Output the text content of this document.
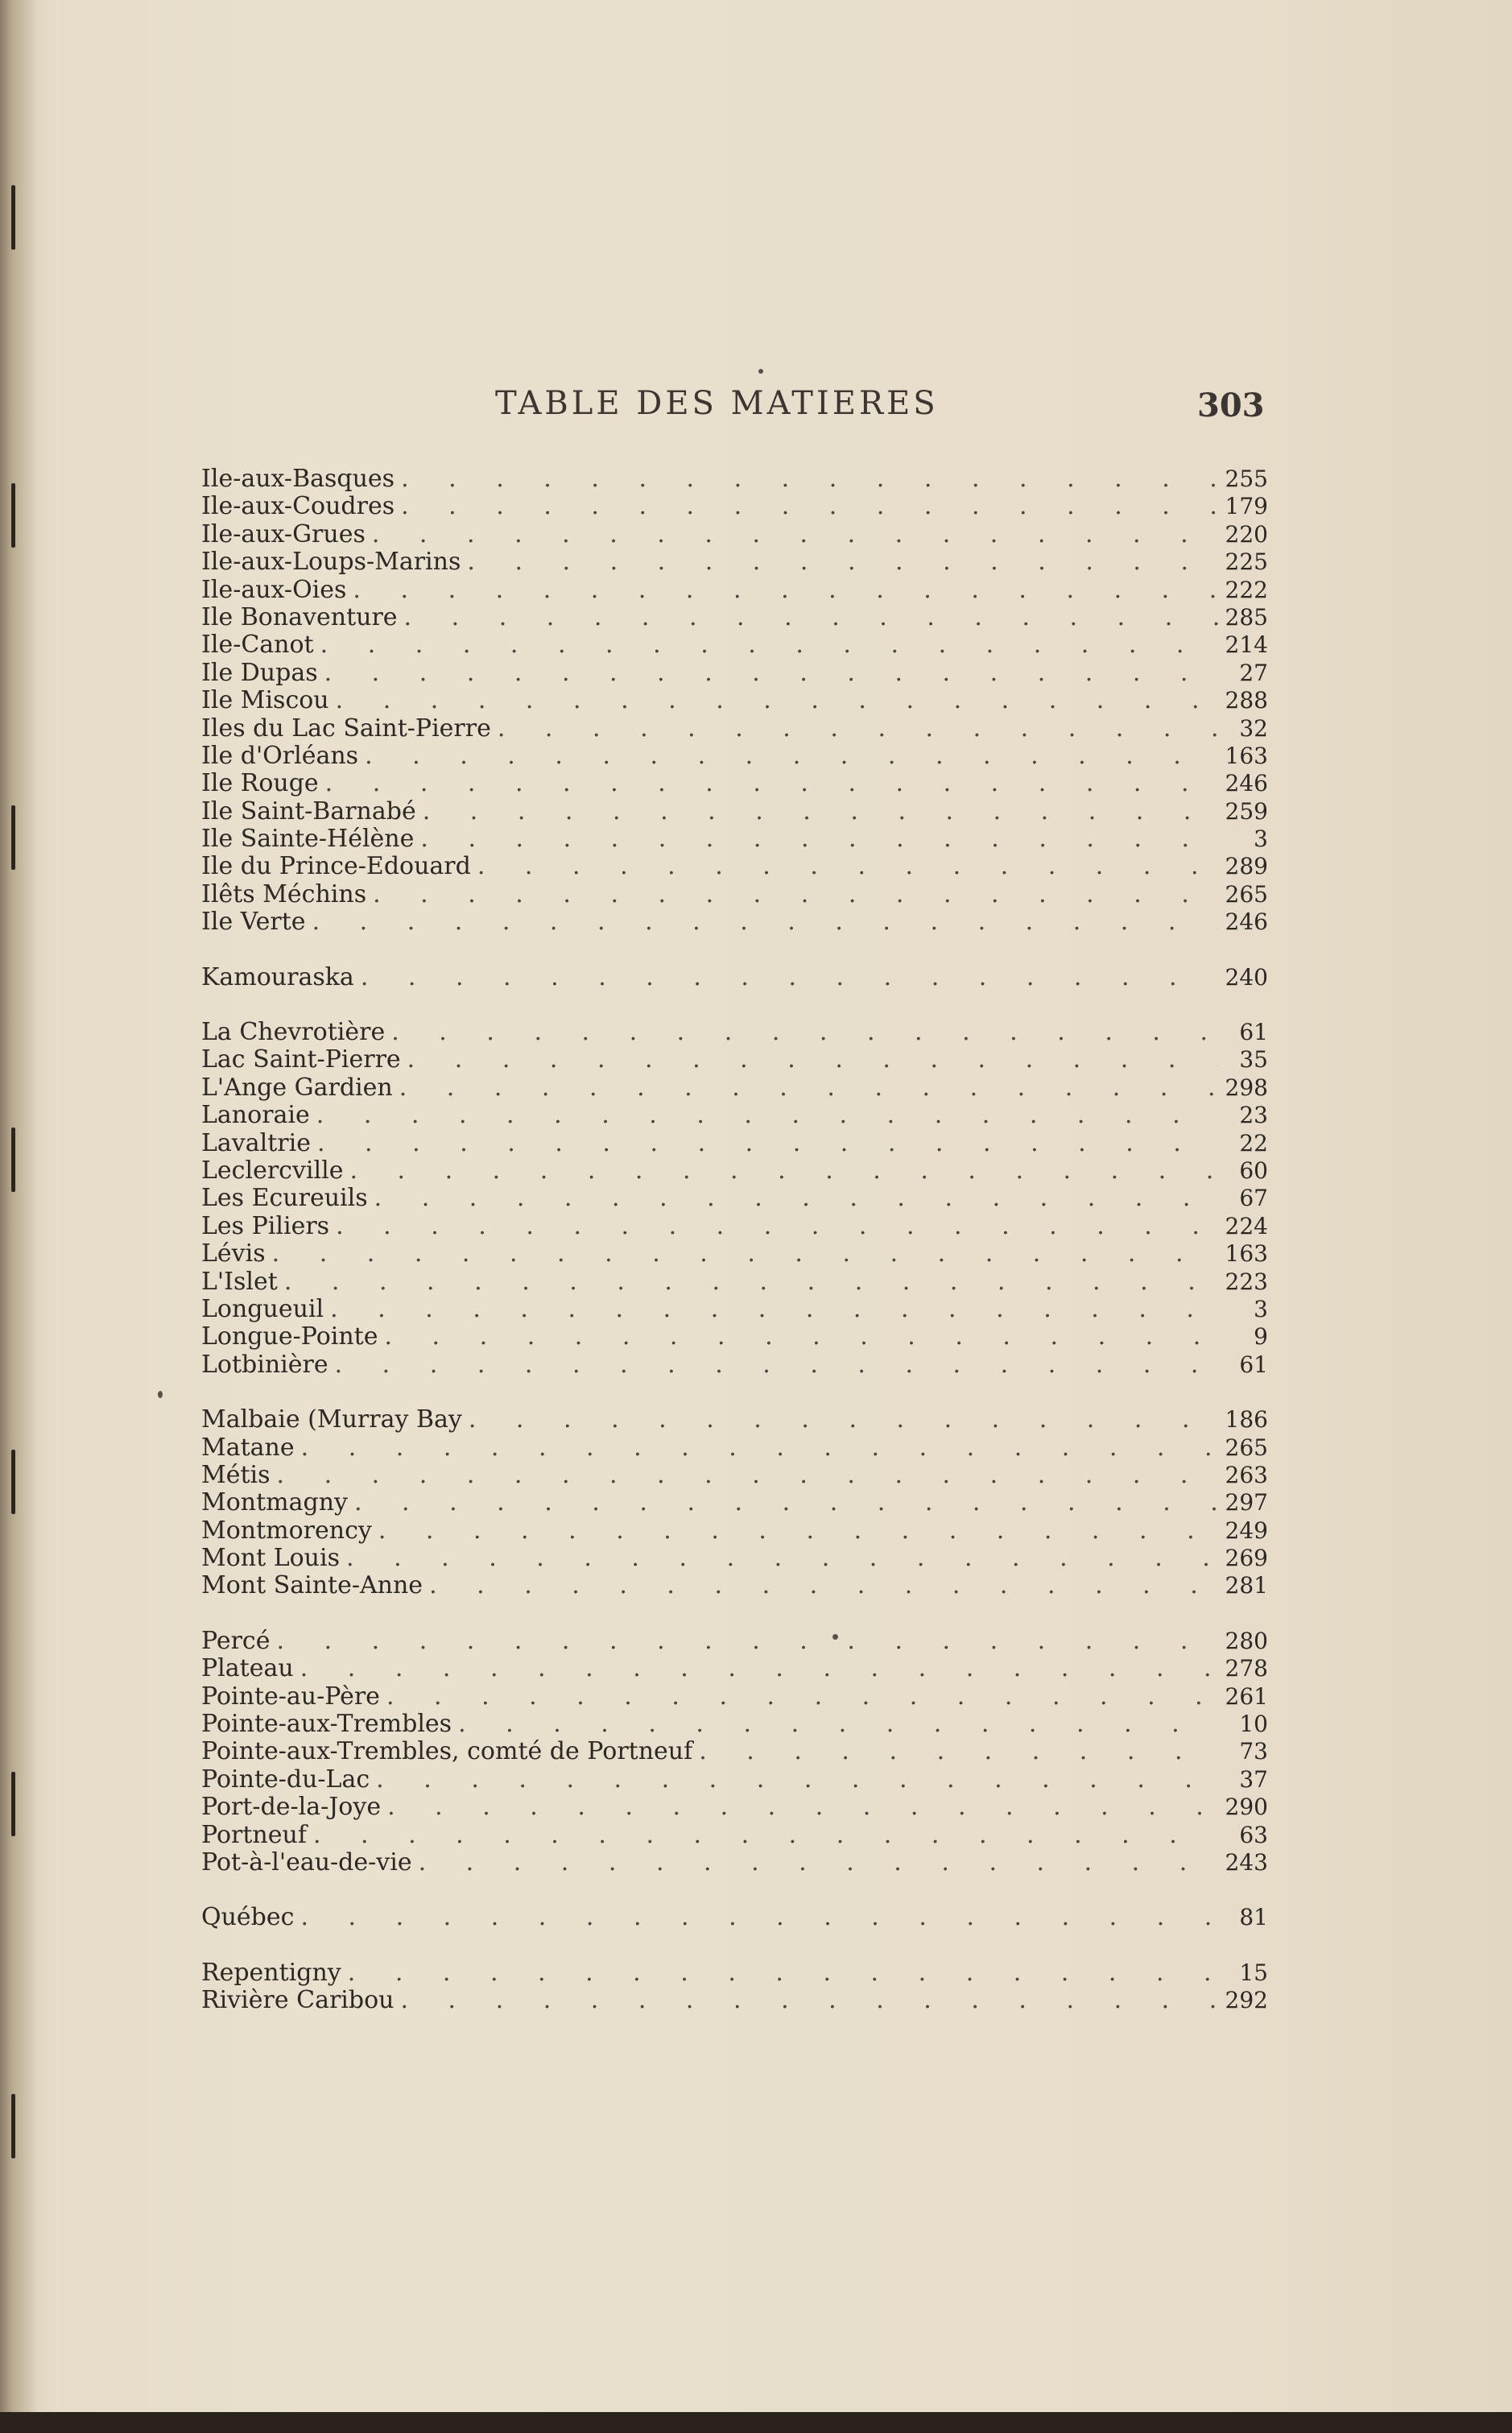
TABLE DES MATIERES	303
Ile-aux-Basques . . .	255
Ile-aux-Coudres . . .	179
Ile-aux-Grues . . .	220
Ile-aux-Loups-Marins . . .	225
Ile-aux-Oies . . .	222
Ile Bonaventure . . .	285
Ile-Canot . . .	214
Ile Dupas . . .	27
Ile Miscou . . .	288
Iles du Lac Saint-Pierre . . .	32
Ile d'Orléans . . .	163
Ile Rouge . . .	246
Ile Saint-Barnabé . . .	259
Ile Sainte-Hélène . . .	3
Ile du Prince-Edouard . . .	289
Ilêts Méchins . . .	265
Ile Verte . . .	246
Kamouraska . . .	240
La Chevrotière . . .	61
Lac Saint-Pierre . . .	35
L'Ange Gardien . . .	298
Lanoraie . . .	23
Lavaltrie . . .	22
Leclercville . . .	60
Les Ecureuils . . .	67
Les Piliers . . .	224
Lévis . . .	163
L'Islet . . .	223
Longueuil . . .	3
Longue-Pointe . . .	9
Lotbinière . . .	61
Malbaie (Murray Bay . . .	186
Matane . . .	265
Métis . . .	263
Montmagny . . .	297
Montmorency . . .	249
Mont Louis . . .	269
Mont Sainte-Anne . . .	281
Percé . . .	280
Plateau . . .	278
Pointe-au-Père . . .	261
Pointe-aux-Trembles . . .	10
Pointe-aux-Trembles, comté de Portneuf . . .	73
Pointe-du-Lac . . .	37
Port-de-la-Joye . . .	290
Portneuf . . .	63
Pot-à-l'eau-de-vie . . .	243
Québec . . .	81
Repentigny . . .	15
Rivière Caribou . . .	292
